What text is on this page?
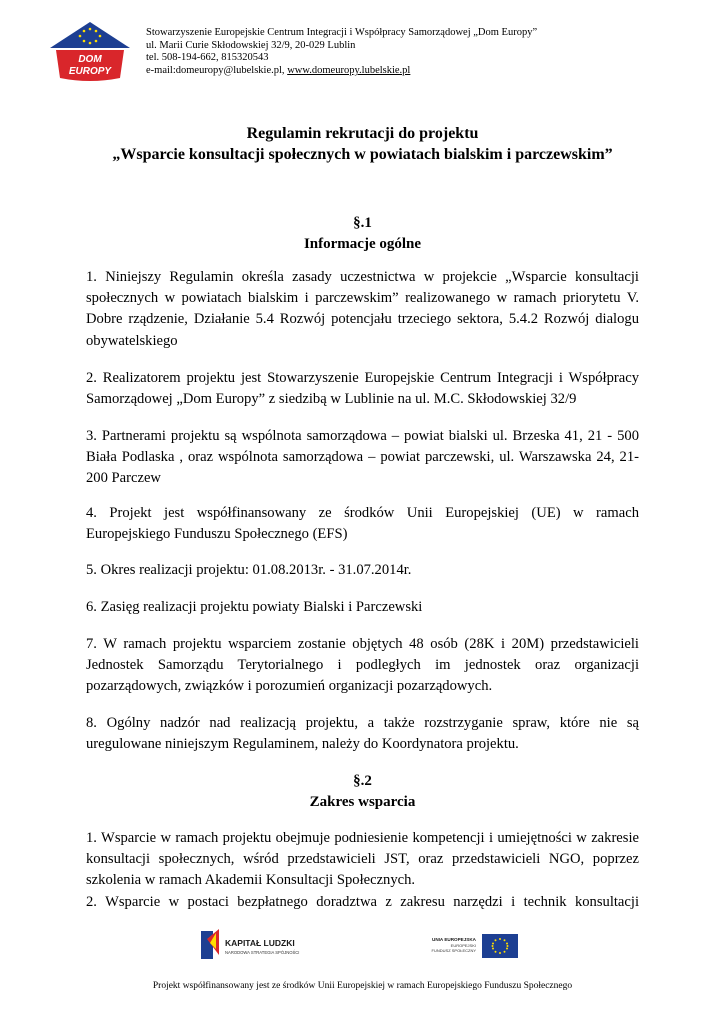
DOM
EUROPY
Stowarzyszenie Europejskie Centrum Integracji i Współpracy Samorządowej „Dom Europy”
ul. Marii Curie Skłodowskiej 32/9, 20-029 Lublin
tel. 508-194-662, 815320543
e-mail:domeuropy@lubelskie.pl, www.domeuropy.lubelskie.pl
Regulamin rekrutacji do projektu
„Wsparcie konsultacji społecznych w powiatach bialskim i parczewskim”
§.1
Informacje ogólne
1. Niniejszy Regulamin określa zasady uczestnictwa w projekcie „Wsparcie konsultacji
społecznych w powiatach bialskim i parczewskim” realizowanego w ramach priorytetu V.
Dobre rządzenie, Działanie 5.4 Rozwój potencjału trzeciego sektora, 5.4.2 Rozwój dialogu
obywatelskiego
2. Realizatorem projektu jest Stowarzyszenie Europejskie Centrum Integracji i Współpracy
Samorządowej „Dom Europy” z siedzibą w Lublinie na ul. M.C. Skłodowskiej 32/9
3. Partnerami projektu są wspólnota samorządowa – powiat bialski ul. Brzeska 41, 21 - 500
Biała Podlaska , oraz wspólnota samorządowa – powiat parczewski, ul. Warszawska 24, 21-
200 Parczew
4. Projekt jest współfinansowany ze środków Unii Europejskiej (UE) w ramach
Europejskiego Funduszu Społecznego (EFS)
5. Okres realizacji projektu: 01.08.2013r. - 31.07.2014r.
6. Zasięg realizacji projektu powiaty Bialski i Parczewski
7. W ramach projektu wsparciem zostanie objętych 48 osób (28K i 20M) przedstawicieli
Jednostek Samorządu Terytorialnego i podległych im jednostek oraz organizacji
pozarządowych, związków i porozumień organizacji pozarządowych.
8. Ogólny nadzór nad realizacją projektu, a także rozstrzyganie spraw, które nie są
uregulowane niniejszym Regulaminem, należy do Koordynatora projektu.
§.2
Zakres wsparcia
1. Wsparcie w ramach projektu obejmuje podniesienie kompetencji i umiejętności w zakresie
konsultacji społecznych, wśród przedstawicieli JST, oraz przedstawicieli NGO, poprzez
szkolenia w ramach Akademii Konsultacji Społecznych.
2. Wsparcie w postaci bezpłatnego doradztwa z zakresu narzędzi i technik konsultacji
KAPITAŁ LUDZKI
NARODOWA STRATEGIA SPÓJNOŚCI
UNIA EUROPEJSKA
EUROPEJSKI
FUNDUSZ SPOŁECZNY
Projekt współfinansowany jest ze środków Unii Europejskiej w ramach Europejskiego Funduszu Społecznego
